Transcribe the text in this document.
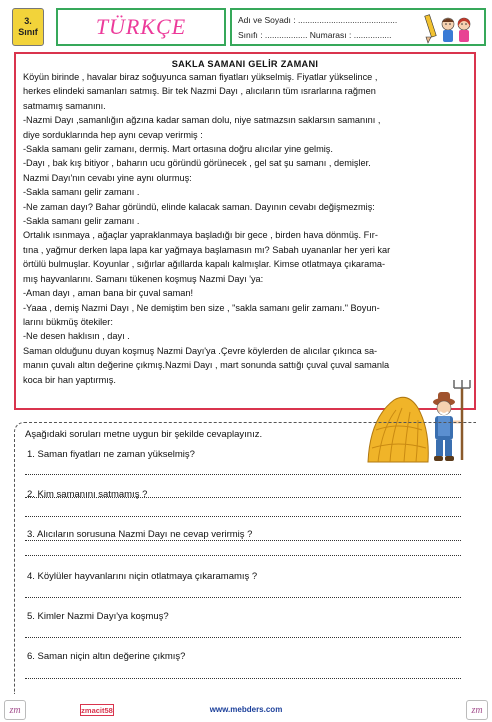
3.
Sınıf	TÜRKÇE	Adı ve Soyadı : ..........................................
Sınıfı : .................. Numarası : ................
SAKLA SAMANI GELİR ZAMANI
Köyün birinde , havalar biraz soğuyunca saman fiyatları yükselmiş. Fiyatlar yükselince ,
herkes elindeki samanları satmış. Bir tek Nazmi Dayı , alıcıların tüm ısrarlarına rağmen
satmamış samanını.
-Nazmi Dayı ,samanlığın ağzına kadar saman dolu, niye satmazsın saklarsın samanını ,
diye sorduklarında hep aynı cevap verirmiş :
-Sakla samanı gelir zamanı, dermiş. Mart ortasına doğru alıcılar yine gelmiş.
-Dayı , bak kış bitiyor , baharın ucu göründü görünecek , gel sat şu samanı , demişler.
Nazmi Dayı'nın cevabı yine aynı olurmuş:
-Sakla samanı gelir zamanı .
-Ne zaman dayı? Bahar göründü, elinde kalacak saman. Dayının cevabı değişmezmiş:
-Sakla samanı gelir zamanı .
Ortalık ısınmaya , ağaçlar yapraklanmaya başladığı bir gece , birden hava dönmüş. Fır-
tına , yağmur derken lapa lapa kar yağmaya başlamasın mı? Sabah uyananlar her yeri kar
örtülü bulmuşlar. Koyunlar , sığırlar ağıllarda kapalı kalmışlar. Kimse otlatmaya çıkarama-
mış hayvanlarını. Samanı tükenen koşmuş Nazmi Dayı 'ya:
-Aman dayı , aman bana bir çuval saman!
-Yaaa , demiş Nazmi Dayı , Ne demiştim ben size , "sakla samanı gelir zamanı." Boyun-
larını bükmüş ötekiler:
-Ne desen haklısın , dayı .
Saman olduğunu duyan koşmuş Nazmi Dayı'ya .Çevre köylerden de alıcılar çıkınca sa-
manın çuvalı altın değerine çıkmış.Nazmi Dayı , mart sonunda sattığı çuval çuval samanla
koca bir han yaptırmış.
Aşağıdaki soruları metne uygun bir şekilde cevaplayınız.
1. Saman fiyatları ne zaman yükselmiş?
2. Kim samanını satmamış ?
3. Alıcıların sorusuna Nazmi Dayı ne cevap verirmiş ?
4. Köylüler hayvanlarını niçin otlatmaya çıkaramamış ?
5. Kimler Nazmi Dayı'ya koşmuş?
6. Saman niçin altın değerine çıkmış?
zm	zmacit58	www.mebders.com	zm
